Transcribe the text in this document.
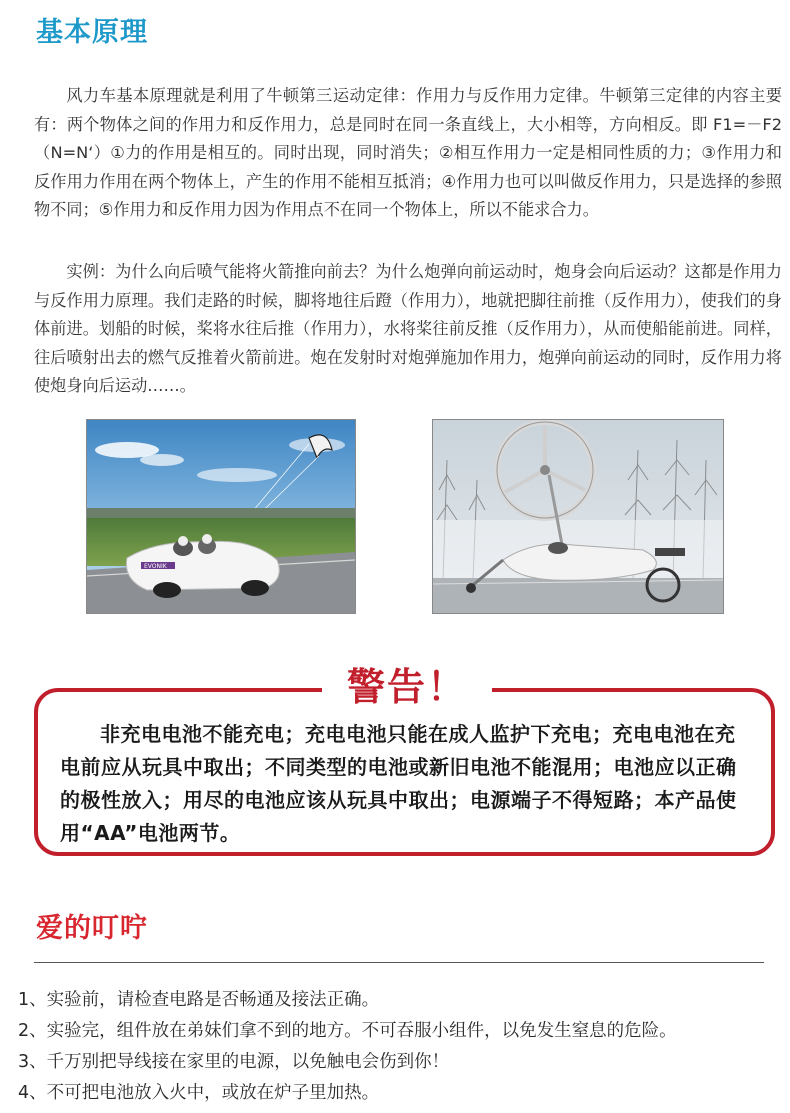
基本原理

风力车基本原理就是利用了牛顿第三运动定律：作用力与反作用力定律。牛顿第三定律的内容主要有：两个物体之间的作用力和反作用力，总是同时在同一条直线上，大小相等，方向相反。即 F1=－F2（N=N‘）①力的作用是相互的。同时出现，同时消失；②相互作用力一定是相同性质的力；③作用力和反作用力作用在两个物体上，产生的作用不能相互抵消；④作用力也可以叫做反作用力，只是选择的参照物不同；⑤作用力和反作用力因为作用点不在同一个物体上，所以不能求合力。

实例：为什么向后喷气能将火箭推向前去？为什么炮弹向前运动时，炮身会向后运动？这都是作用力与反作用力原理。我们走路的时候，脚将地往后蹬（作用力），地就把脚往前推（反作用力），使我们的身体前进。划船的时候，桨将水往后推（作用力），水将桨往前反推（反作用力），从而使船能前进。同样，往后喷射出去的燃气反推着火箭前进。炮在发射时对炮弹施加作用力，炮弹向前运动的同时，反作用力将使炮身向后运动……。

EVONIK
警告！

非充电电池不能充电；充电电池只能在成人监护下充电；充电电池在充电前应从玩具中取出；不同类型的电池或新旧电池不能混用；电池应以正确的极性放入；用尽的电池应该从玩具中取出；电源端子不得短路；本产品使用“AA”电池两节。

爱的叮咛
1、实验前，请检查电路是否畅通及接法正确。
2、实验完，组件放在弟妹们拿不到的地方。不可吞服小组件，以免发生窒息的危险。
3、千万别把导线接在家里的电源，以免触电会伤到你！
4、不可把电池放入火中，或放在炉子里加热。
